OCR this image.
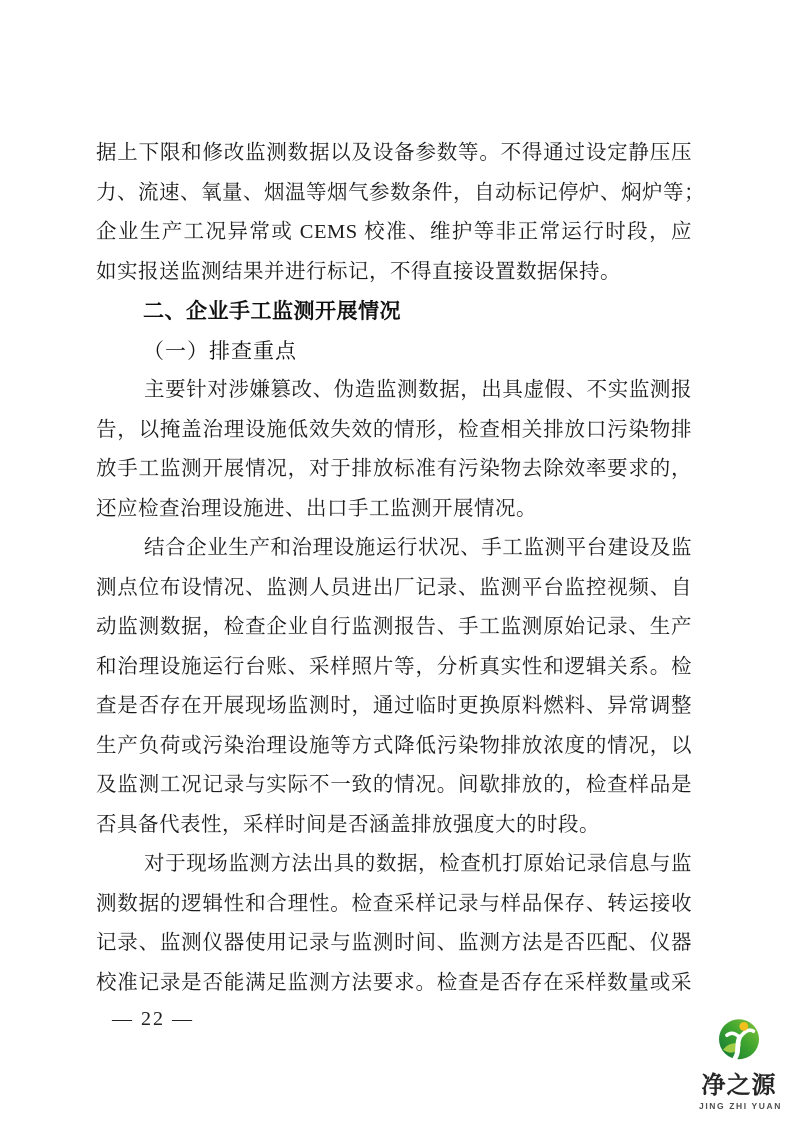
据上下限和修改监测数据以及设备参数等。不得通过设定静压压
力、流速、氧量、烟温等烟气参数条件，自动标记停炉、焖炉等；
企业生产工况异常或 CEMS 校准、维护等非正常运行时段，应
如实报送监测结果并进行标记，不得直接设置数据保持。
二、企业手工监测开展情况
（一）排查重点
主要针对涉嫌篡改、伪造监测数据，出具虚假、不实监测报
告，以掩盖治理设施低效失效的情形，检查相关排放口污染物排
放手工监测开展情况，对于排放标准有污染物去除效率要求的，
还应检查治理设施进、出口手工监测开展情况。
结合企业生产和治理设施运行状况、手工监测平台建设及监
测点位布设情况、监测人员进出厂记录、监测平台监控视频、自
动监测数据，检查企业自行监测报告、手工监测原始记录、生产
和治理设施运行台账、采样照片等，分析真实性和逻辑关系。检
查是否存在开展现场监测时，通过临时更换原料燃料、异常调整
生产负荷或污染治理设施等方式降低污染物排放浓度的情况，以
及监测工况记录与实际不一致的情况。间歇排放的，检查样品是
否具备代表性，采样时间是否涵盖排放强度大的时段。
对于现场监测方法出具的数据，检查机打原始记录信息与监
测数据的逻辑性和合理性。检查采样记录与样品保存、转运接收
记录、监测仪器使用记录与监测时间、监测方法是否匹配、仪器
校准记录是否能满足监测方法要求。检查是否存在采样数量或采
— 22 —
净之源
JING ZHI YUAN
